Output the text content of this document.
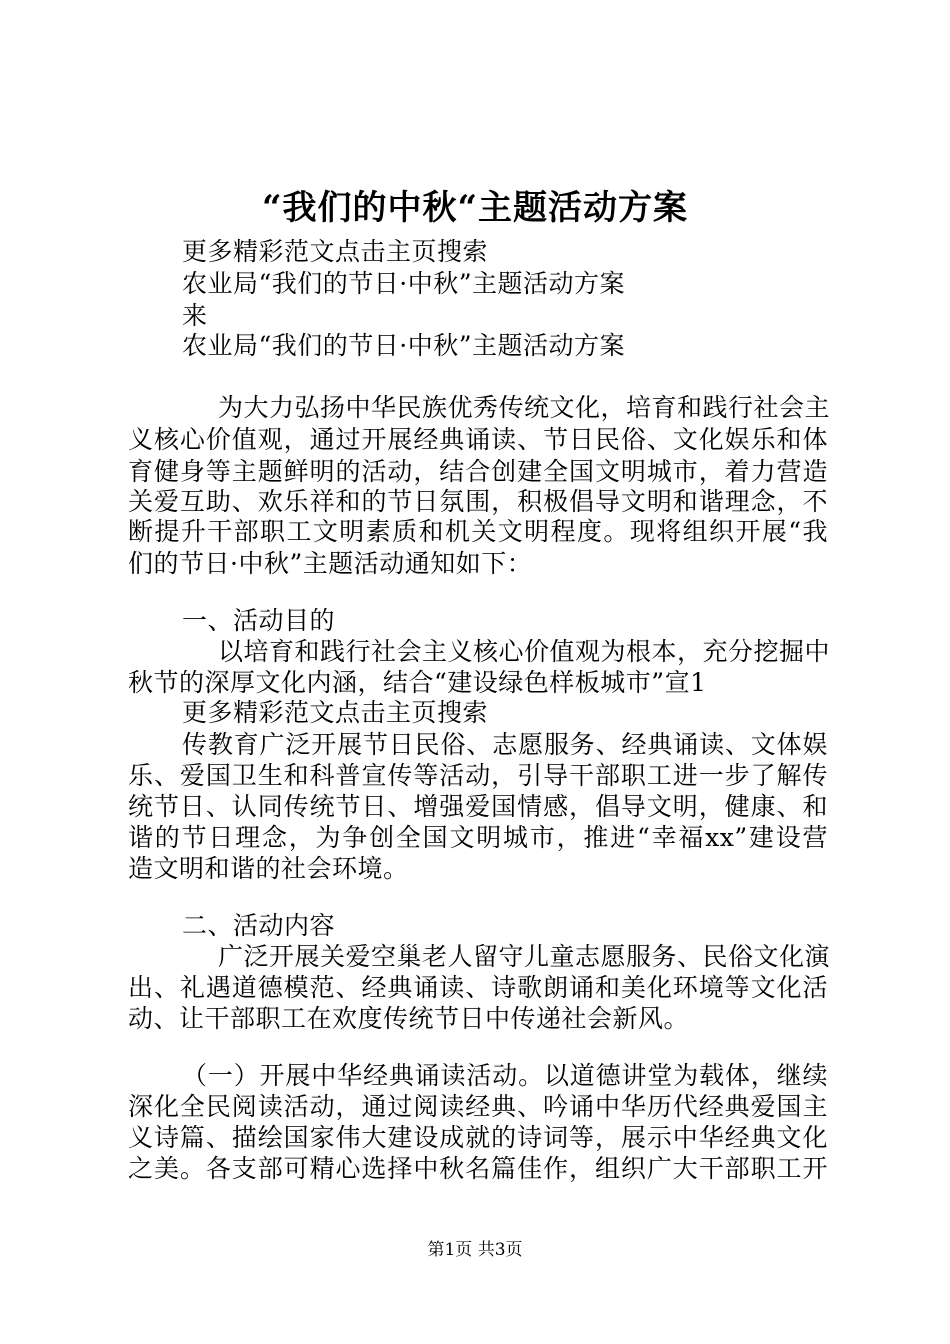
“我们的中秋“主题活动方案
更多精彩范文点击主页搜索
农业局“我们的节日·中秋”主题活动方案
来
农业局“我们的节日·中秋”主题活动方案
为大力弘扬中华民族优秀传统文化，培育和践行社会主
义核心价值观，通过开展经典诵读、节日民俗、文化娱乐和体
育健身等主题鲜明的活动，结合创建全国文明城市，着力营造
关爱互助、欢乐祥和的节日氛围，积极倡导文明和谐理念，不
断提升干部职工文明素质和机关文明程度。现将组织开展“我
们的节日·中秋”主题活动通知如下：
一、活动目的
以培育和践行社会主义核心价值观为根本，充分挖掘中
秋节的深厚文化内涵，结合“建设绿色样板城市”宣1
更多精彩范文点击主页搜索
传教育广泛开展节日民俗、志愿服务、经典诵读、文体娱
乐、爱国卫生和科普宣传等活动，引导干部职工进一步了解传
统节日、认同传统节日、增强爱国情感，倡导文明，健康、和
谐的节日理念，为争创全国文明城市，推进“幸福xx”建设营
造文明和谐的社会环境。
二、活动内容
广泛开展关爱空巢老人留守儿童志愿服务、民俗文化演
出、礼遇道德模范、经典诵读、诗歌朗诵和美化环境等文化活
动、让干部职工在欢度传统节日中传递社会新风。
（一）开展中华经典诵读活动。以道德讲堂为载体，继续
深化全民阅读活动，通过阅读经典、吟诵中华历代经典爱国主
义诗篇、描绘国家伟大建设成就的诗词等，展示中华经典文化
之美。各支部可精心选择中秋名篇佳作，组织广大干部职工开
第1页 共3页
